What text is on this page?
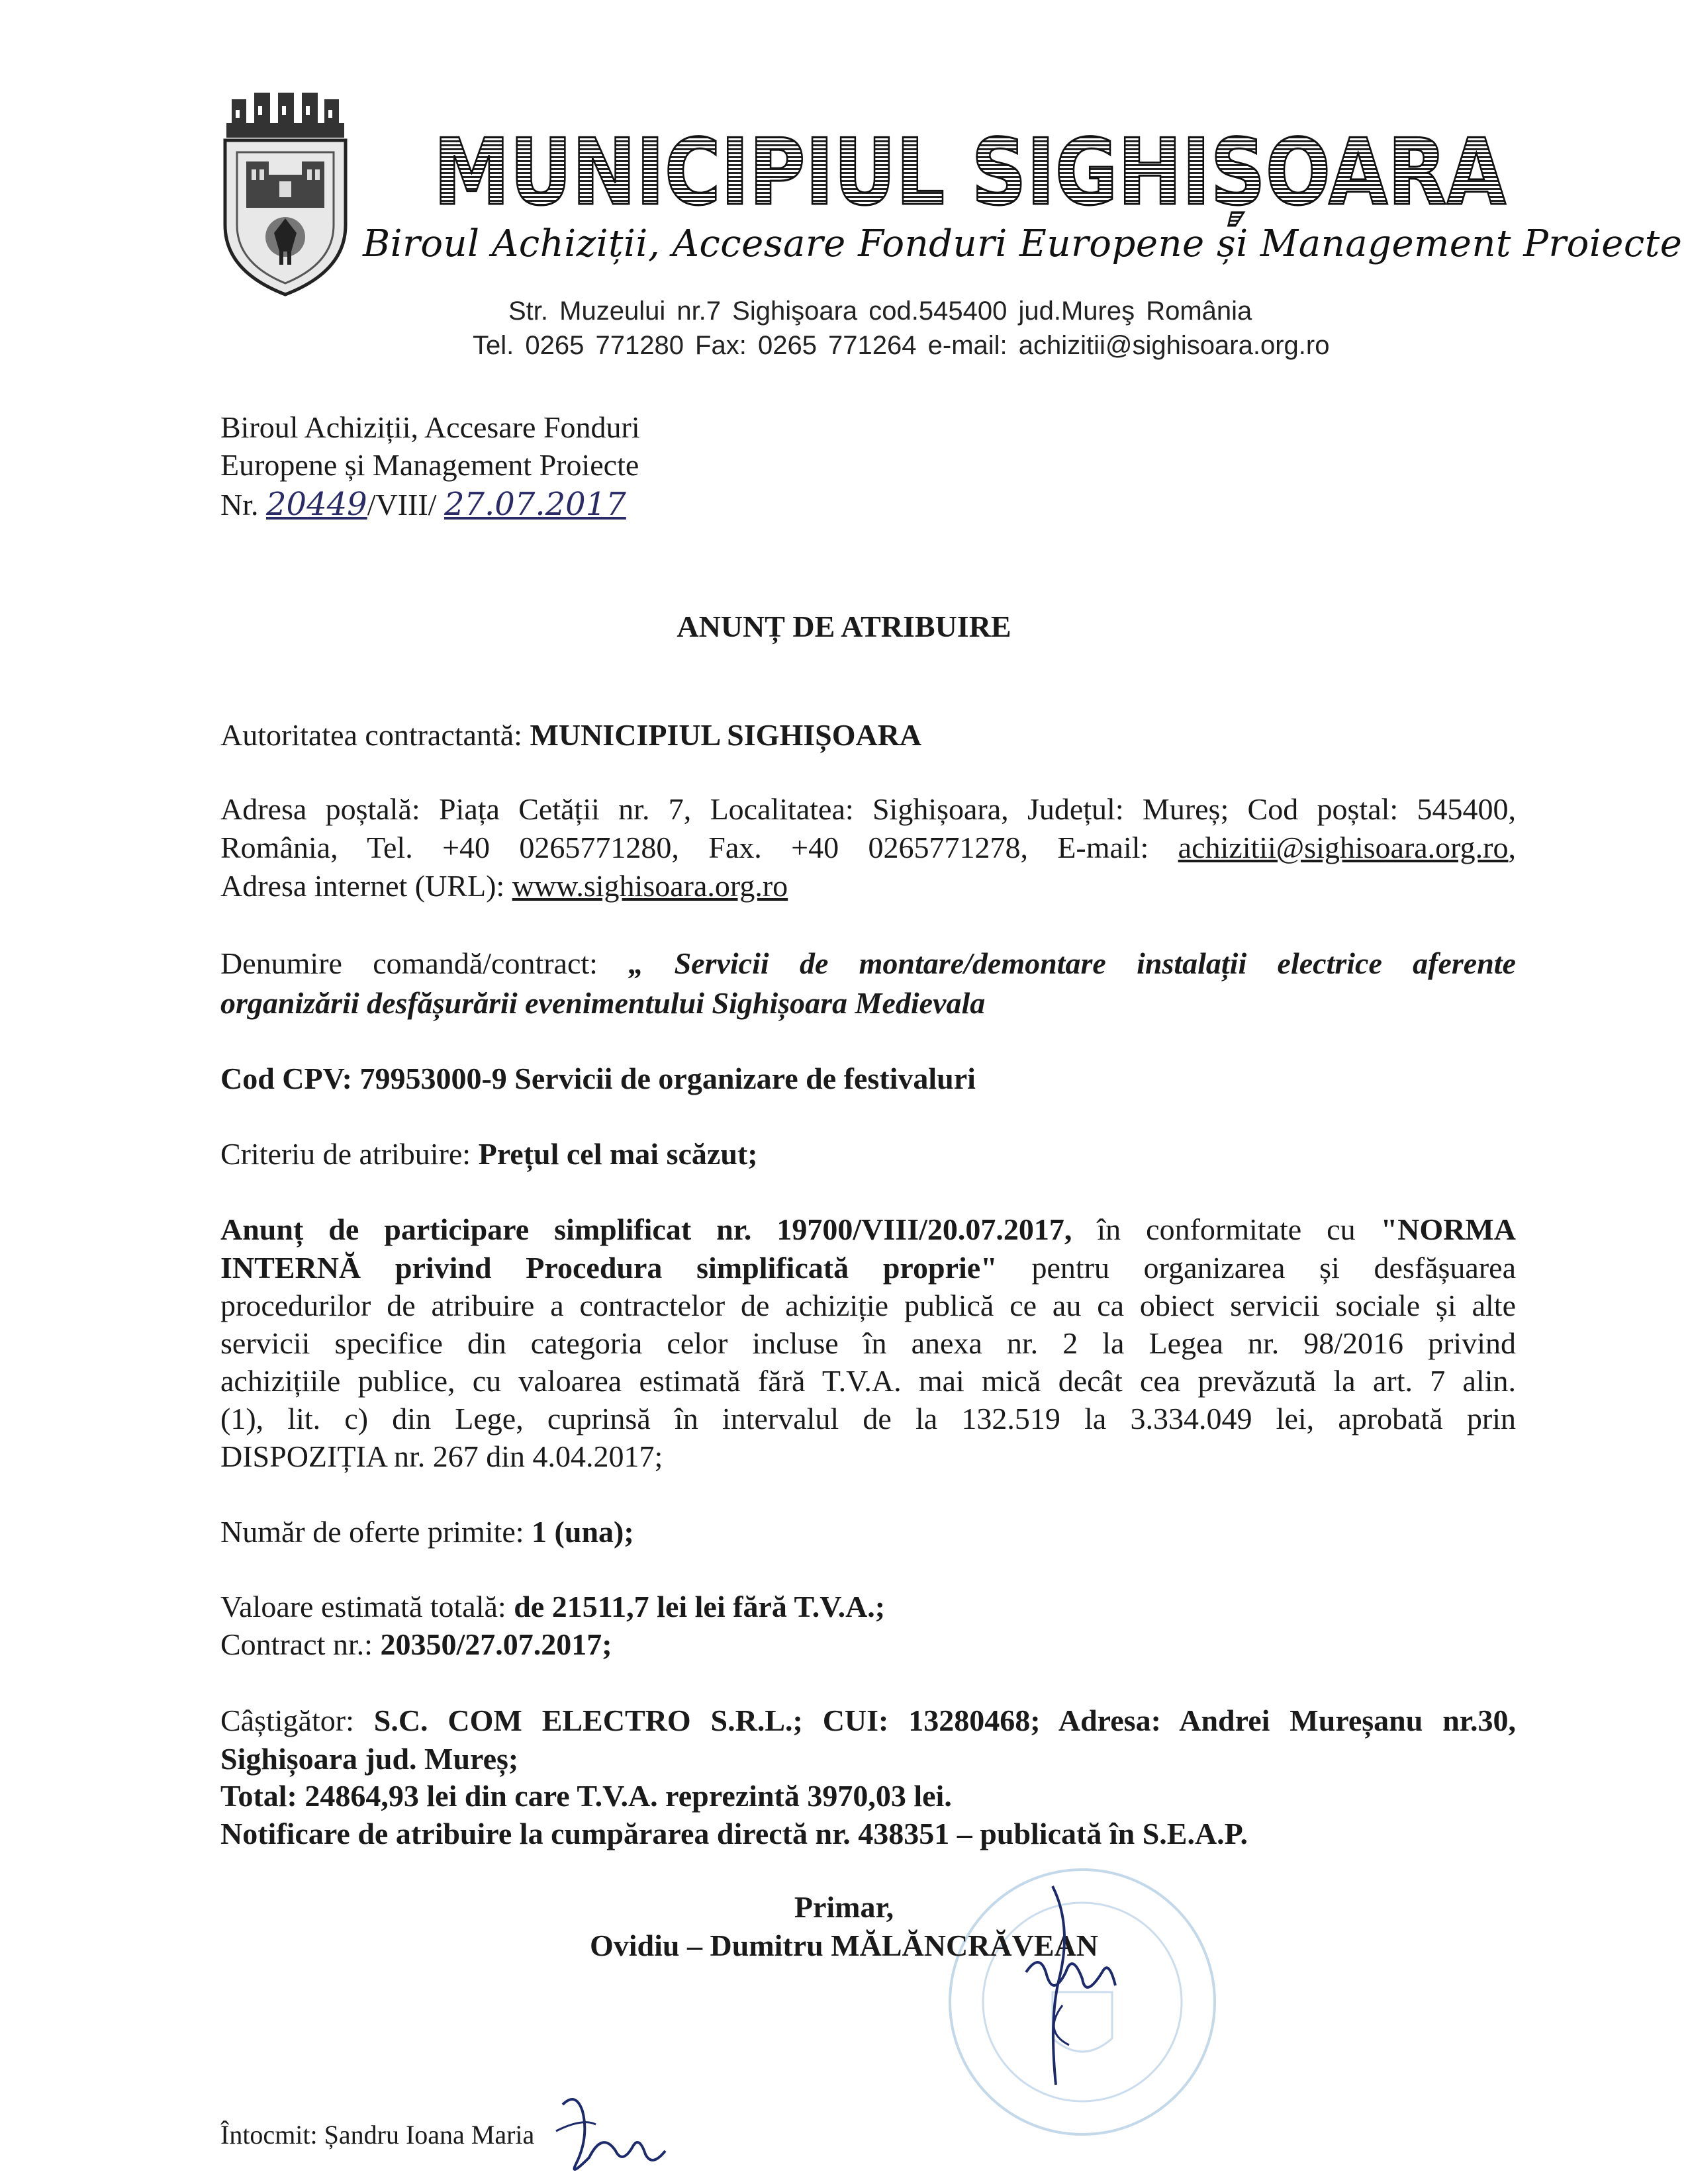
MUNICIPIUL SIGHIȘOARA
Biroul Achiziții, Accesare Fonduri Europene și Management Proiecte
Str. Muzeului nr.7 Sighişoara cod.545400 jud.Mureş România
Tel. 0265 771280 Fax: 0265 771264 e-mail: achizitii@sighisoara.org.ro
Biroul Achiziții, Accesare Fonduri
Europene și Management Proiecte
Nr. 20449/VIII/ 27.07.2017
ANUNȚ DE ATRIBUIRE
Autoritatea contractantă: MUNICIPIUL SIGHIȘOARA
Adresa poștală: Piața Cetății nr. 7, Localitatea: Sighișoara, Județul: Mureș; Cod poștal: 545400,
România, Tel. +40 0265771280, Fax. +40 0265771278, E-mail: achizitii@sighisoara.org.ro,
Adresa internet (URL): www.sighisoara.org.ro
Denumire comandă/contract: „ Servicii de montare/demontare instalații electrice aferente
organizării desfășurării evenimentului Sighișoara Medievala
Cod CPV: 79953000-9 Servicii de organizare de festivaluri
Criteriu de atribuire: Prețul cel mai scăzut;
Anunț de participare simplificat nr. 19700/VIII/20.07.2017, în conformitate cu "NORMA
INTERNĂ privind Procedura simplificată proprie" pentru organizarea și desfășuarea
procedurilor de atribuire a contractelor de achiziție publică ce au ca obiect servicii sociale și alte
servicii specifice din categoria celor incluse în anexa nr. 2 la Legea nr. 98/2016 privind
achizițiile publice, cu valoarea estimată fără T.V.A. mai mică decât cea prevăzută la art. 7 alin.
(1), lit. c) din Lege, cuprinsă în intervalul de la 132.519 la 3.334.049 lei, aprobată prin
DISPOZIȚIA nr. 267 din 4.04.2017;
Număr de oferte primite: 1 (una);
Valoare estimată totală: de 21511,7 lei lei fără T.V.A.;
Contract nr.: 20350/27.07.2017;
Câștigător: S.C. COM ELECTRO S.R.L.; CUI: 13280468; Adresa: Andrei Mureșanu nr.30,
Sighișoara jud. Mureș;
Total: 24864,93 lei din care T.V.A. reprezintă 3970,03 lei.
Notificare de atribuire la cumpărarea directă nr. 438351 – publicată în S.E.A.P.
Primar,
Ovidiu – Dumitru MĂLĂNCRĂVEAN
Întocmit: Șandru Ioana Maria
